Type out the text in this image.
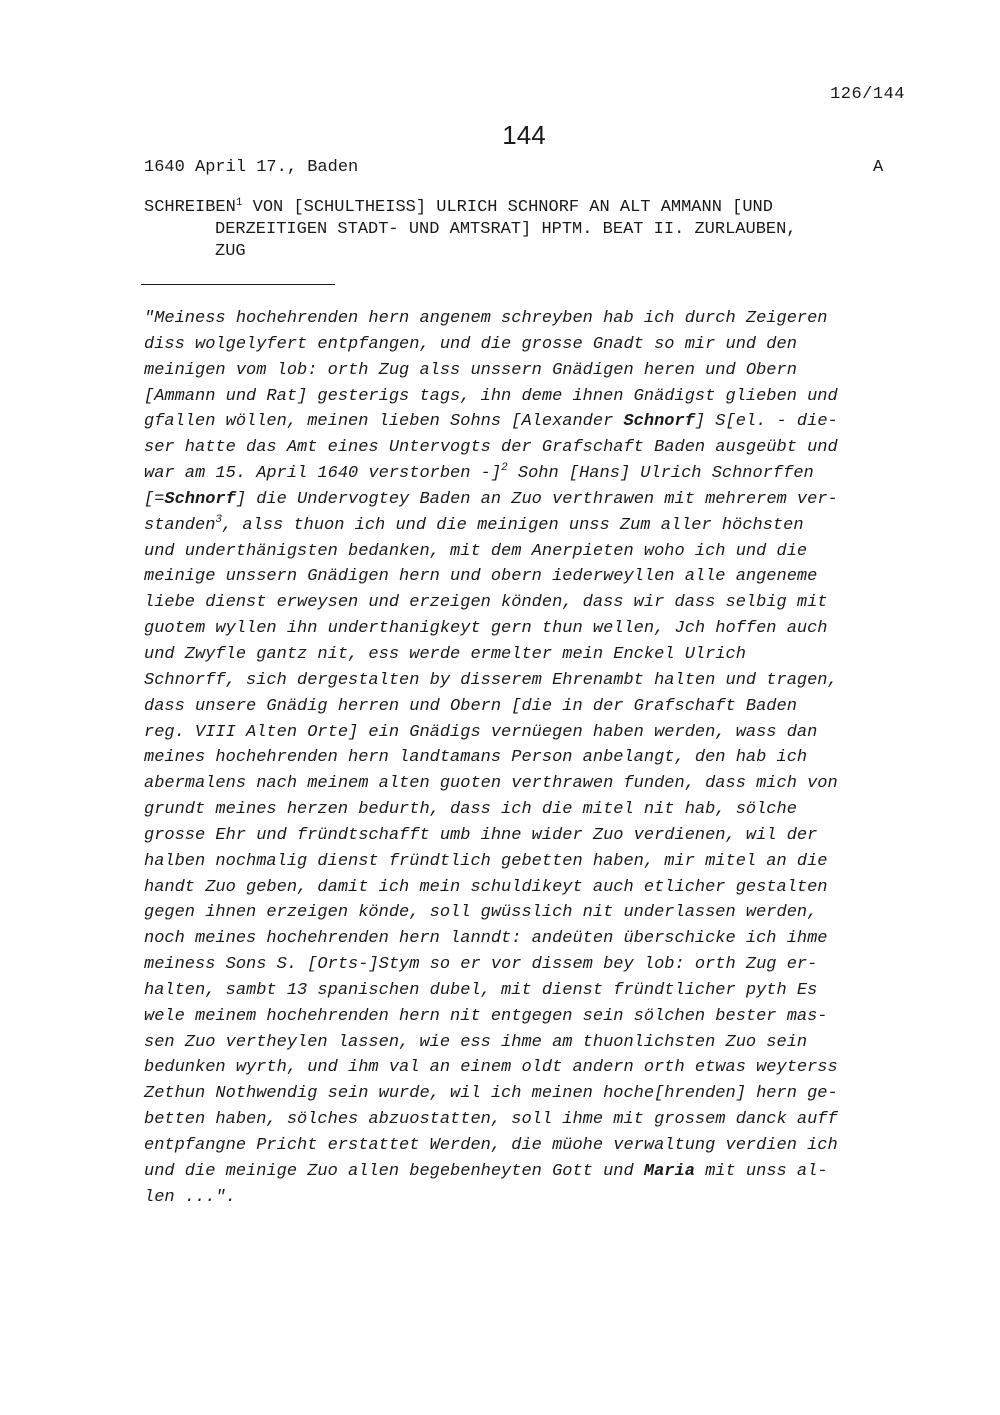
126/144
144
1640 April 17., Baden	A
SCHREIBEN$^1$ VON [SCHULTHEISS] ULRICH SCHNORF AN ALT AMMANN [UND
DERZEITIGEN STADT- UND AMTSRAT] HPTM. BEAT II. ZURLAUBEN,
ZUG
"Meiness hochehrenden hern angenem schreyben hab ich durch Zeigeren
diss wolgelyfert entpfangen, und die grosse Gnadt so mir und den
meinigen vom lob: orth Zug alss unssern Gnädigen heren und Obern
[Ammann und Rat] gesterigs tags, ihn deme ihnen Gnädigst glieben und
gfallen wöllen, meinen lieben Sohns [Alexander Schnorf] S[el. - die-
ser hatte das Amt eines Untervogts der Grafschaft Baden ausgeübt und
war am 15. April 1640 verstorben -]$^2$ Sohn [Hans] Ulrich Schnorffen
[=Schnorf] die Undervogtey Baden an Zuo verthrawen mit mehrerem ver-
standen$^3$, alss thuon ich und die meinigen unss Zum aller höchsten
und underthänigsten bedanken, mit dem Anerpieten woho ich und die
meinige unssern Gnädigen hern und obern iederweyllen alle angeneme
liebe dienst erweysen und erzeigen könden, dass wir dass selbig mit
guotem wyllen ihn underthanigkeyt gern thun wellen, Jch hoffen auch
und Zwyfle gantz nit, ess werde ermelter mein Enckel Ulrich
Schnorff, sich dergestalten by disserem Ehrenambt halten und tragen,
dass unsere Gnädig herren und Obern [die in der Grafschaft Baden
reg. VIII Alten Orte] ein Gnädigs vernüegen haben werden, wass dan
meines hochehrenden hern landtamans Person anbelangt, den hab ich
abermalens nach meinem alten guoten verthrawen funden, dass mich von
grundt meines herzen bedurth, dass ich die mitel nit hab, sölche
grosse Ehr und fründtschafft umb ihne wider Zuo verdienen, wil der
halben nochmalig dienst fründtlich gebetten haben, mir mitel an die
handt Zuo geben, damit ich mein schuldikeyt auch etlicher gestalten
gegen ihnen erzeigen könde, soll gwüsslich nit underlassen werden,
noch meines hochehrenden hern lanndt: andeüten überschicke ich ihme
meiness Sons S. [Orts-]Stym so er vor dissem bey lob: orth Zug er-
halten, sambt 13 spanischen dubel, mit dienst fründtlicher pyth Es
wele meinem hochehrenden hern nit entgegen sein sölchen bester mas-
sen Zuo vertheylen lassen, wie ess ihme am thuonlichsten Zuo sein
bedunken wyrth, und ihm val an einem oldt andern orth etwas weyterss
Zethun Nothwendig sein wurde, wil ich meinen hoche[hrenden] hern ge-
betten haben, sölches abzuostatten, soll ihme mit grossem danck auff
entpfangne Pricht erstattet Werden, die müohe verwaltung verdien ich
und die meinige Zuo allen begebenheyten Gott und Maria mit unss al-
len ...".
